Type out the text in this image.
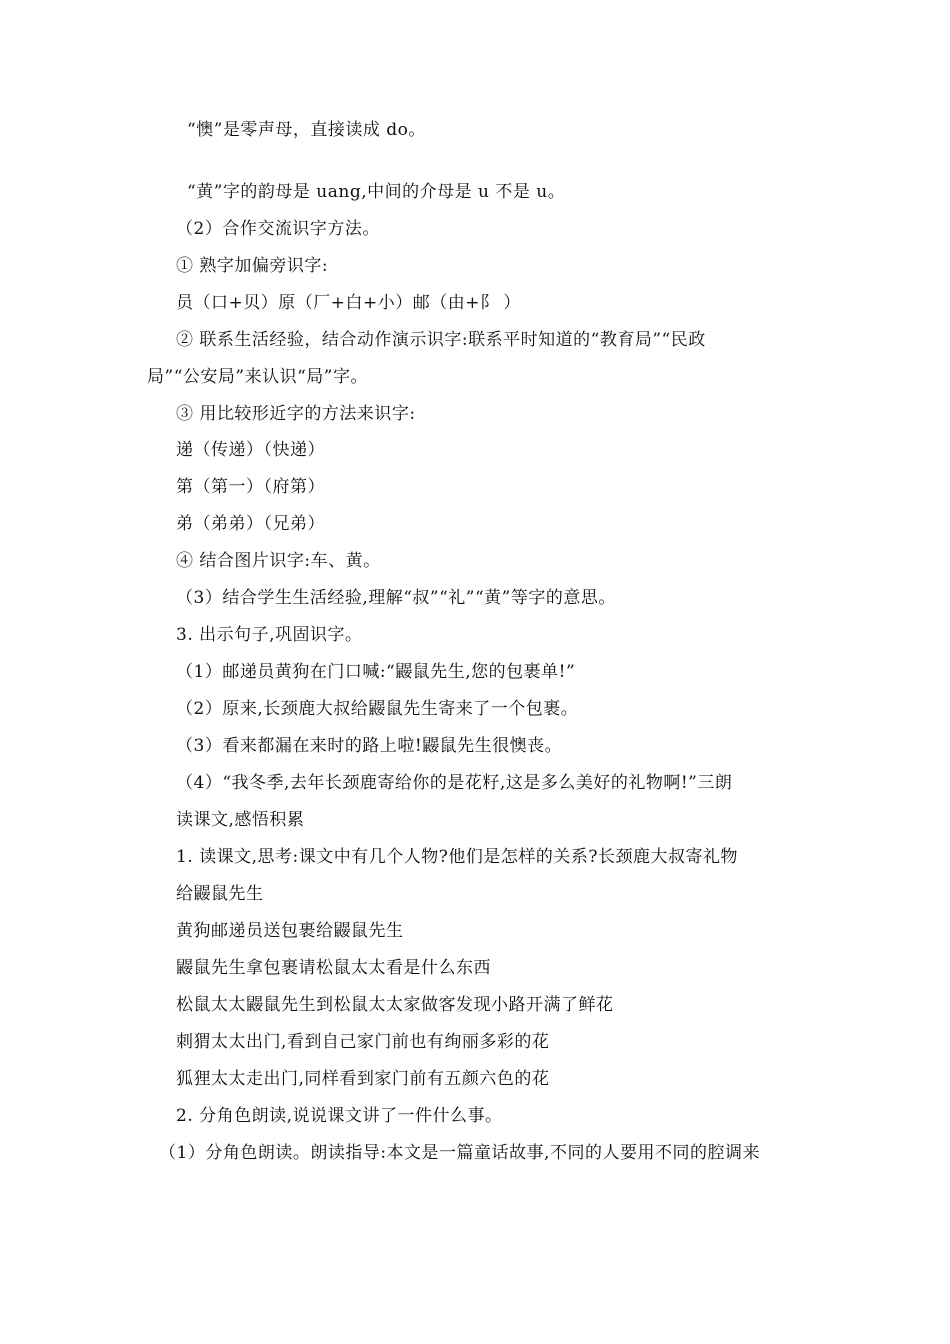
“懊”是零声母，直接读成 do。
“黄”字的韵母是 uang,中间的介母是 u 不是 u。
（2）合作交流识字方法。
① 熟字加偏旁识字:
员（口+贝）原（厂+白+小）邮（由+阝 ）
② 联系生活经验，结合动作演示识字:联系平时知道的“教育局”“民政
局”“公安局”来认识“局”字。
③ 用比较形近字的方法来识字:
递（传递）（快递）
第（第一）（府第）
弟（弟弟）（兄弟）
④ 结合图片识字:车、黄。
（3）结合学生生活经验,理解“叔”“礼”“黄”等字的意思。
3. 出示句子,巩固识字。
（1）邮递员黄狗在门口喊:“鼹鼠先生,您的包裹单!”
（2）原来,长颈鹿大叔给鼹鼠先生寄来了一个包裹。
（3）看来都漏在来时的路上啦!鼹鼠先生很懊丧。
（4）“我冬季,去年长颈鹿寄给你的是花籽,这是多么美好的礼物啊!”三朗
读课文,感悟积累
1. 读课文,思考:课文中有几个人物?他们是怎样的关系?长颈鹿大叔寄礼物
给鼹鼠先生
黄狗邮递员送包裹给鼹鼠先生
鼹鼠先生拿包裹请松鼠太太看是什么东西
松鼠太太鼹鼠先生到松鼠太太家做客发现小路开满了鲜花
刺猬太太出门,看到自己家门前也有绚丽多彩的花
狐狸太太走出门,同样看到家门前有五颜六色的花
2. 分角色朗读,说说课文讲了一件什么事。
（1）分角色朗读。朗读指导:本文是一篇童话故事,不同的人要用不同的腔调来
